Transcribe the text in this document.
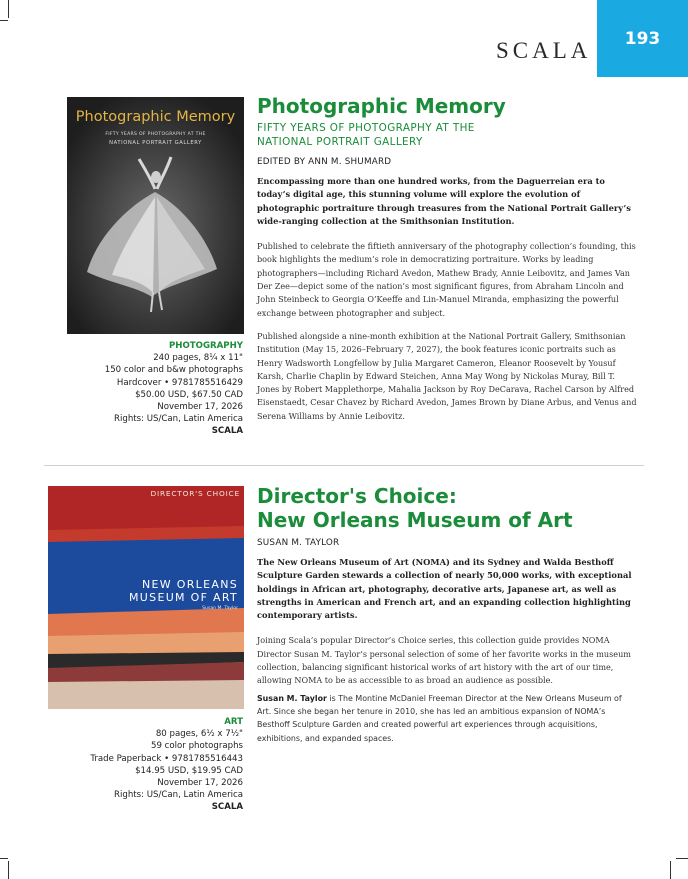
SCALA	193
Photographic Memory
FIFTY YEARS OF PHOTOGRAPHY AT THE
NATIONAL PORTRAIT GALLERY
PHOTOGRAPHY
240 pages, 8¼ x 11"
150 color and b&w photographs
Hardcover • 9781785516429
$50.00 USD, $67.50 CAD
November 17, 2026
Rights: US/Can, Latin America
SCALA
Photographic Memory
FIFTY YEARS OF PHOTOGRAPHY AT THE
NATIONAL PORTRAIT GALLERY
EDITED BY ANN M. SHUMARD

Encompassing more than one hundred works, from the Daguerreian era to today’s digital age, this stunning volume will explore the evolution of photographic portraiture through treasures from the National Portrait Gallery’s wide-ranging collection at the Smithsonian Institution.

Published to celebrate the fiftieth anniversary of the photography collection’s founding, this book highlights the medium’s role in democratizing portraiture. Works by leading photographers—including Richard Avedon, Mathew Brady, Annie Leibovitz, and James Van Der Zee—depict some of the nation’s most significant figures, from Abraham Lincoln and John Steinbeck to Georgia O’Keeffe and Lin-Manuel Miranda, emphasizing the powerful exchange between photographer and subject.

Published alongside a nine-month exhibition at the National Portrait Gallery, Smithsonian Institution (May 15, 2026–February 7, 2027), the book features iconic portraits such as Henry Wadsworth Longfellow by Julia Margaret Cameron, Eleanor Roosevelt by Yousuf Karsh, Charlie Chaplin by Edward Steichen, Anna May Wong by Nickolas Muray, Bill T. Jones by Robert Mapplethorpe, Mahalia Jackson by Roy DeCarava, Rachel Carson by Alfred Eisenstaedt, Cesar Chavez by Richard Avedon, James Brown by Diane Arbus, and Venus and Serena Williams by Annie Leibovitz.

DIRECTOR'S CHOICE
NEW ORLEANS
MUSEUM OF ART
Susan M. Taylor
ART
80 pages, 6½ x 7½"
59 color photographs
Trade Paperback • 9781785516443
$14.95 USD, $19.95 CAD
November 17, 2026
Rights: US/Can, Latin America
SCALA
Director's Choice:
New Orleans Museum of Art
SUSAN M. TAYLOR

The New Orleans Museum of Art (NOMA) and its Sydney and Walda Besthoff Sculpture Garden stewards a collection of nearly 50,000 works, with exceptional holdings in African art, photography, decorative arts, Japanese art, as well as strengths in American and French art, and an expanding collection highlighting contemporary artists.

Joining Scala’s popular Director’s Choice series, this collection guide provides NOMA Director Susan M. Taylor’s personal selection of some of her favorite works in the museum collection, balancing significant historical works of art history with the art of our time, allowing NOMA to be as accessible to as broad an audience as possible.

Susan M. Taylor is The Montine McDaniel Freeman Director at the New Orleans Museum of Art. Since she began her tenure in 2010, she has led an ambitious expansion of NOMA’s Besthoff Sculpture Garden and created powerful art experiences through acquisitions, exhibitions, and expanded spaces.
